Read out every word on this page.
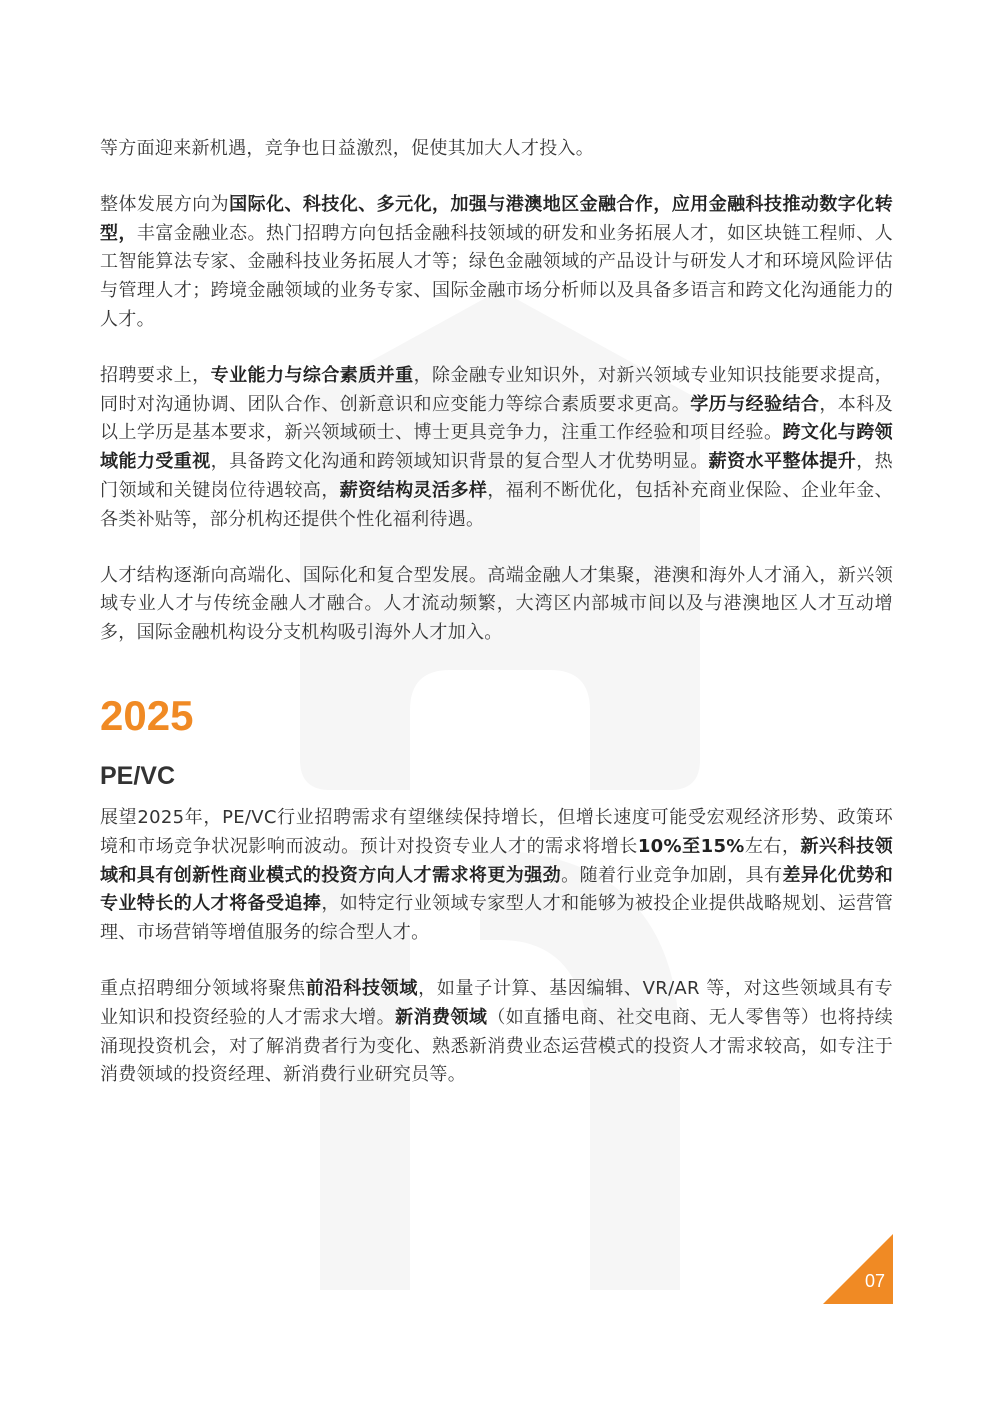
等方面迎来新机遇，竞争也日益激烈，促使其加大人才投入。

整体发展方向为国际化、科技化、多元化，加强与港澳地区金融合作，应用金融科技推动数字化转型，丰富金融业态。热门招聘方向包括金融科技领域的研发和业务拓展人才，如区块链工程师、人工智能算法专家、金融科技业务拓展人才等；绿色金融领域的产品设计与研发人才和环境风险评估与管理人才；跨境金融领域的业务专家、国际金融市场分析师以及具备多语言和跨文化沟通能力的人才。

招聘要求上，专业能力与综合素质并重，除金融专业知识外，对新兴领域专业知识技能要求提高，同时对沟通协调、团队合作、创新意识和应变能力等综合素质要求更高。学历与经验结合，本科及以上学历是基本要求，新兴领域硕士、博士更具竞争力，注重工作经验和项目经验。跨文化与跨领域能力受重视，具备跨文化沟通和跨领域知识背景的复合型人才优势明显。薪资水平整体提升，热门领域和关键岗位待遇较高，薪资结构灵活多样，福利不断优化，包括补充商业保险、企业年金、各类补贴等，部分机构还提供个性化福利待遇。

人才结构逐渐向高端化、国际化和复合型发展。高端金融人才集聚，港澳和海外人才涌入，新兴领域专业人才与传统金融人才融合。人才流动频繁，大湾区内部城市间以及与港澳地区人才互动增多，国际金融机构设分支机构吸引海外人才加入。

2025
PE/VC

展望2025年，PE/VC行业招聘需求有望继续保持增长，但增长速度可能受宏观经济形势、政策环境和市场竞争状况影响而波动。预计对投资专业人才的需求将增长10%至15%左右，新兴科技领域和具有创新性商业模式的投资方向人才需求将更为强劲。随着行业竞争加剧，具有差异化优势和专业特长的人才将备受追捧，如特定行业领域专家型人才和能够为被投企业提供战略规划、运营管理、市场营销等增值服务的综合型人才。

重点招聘细分领域将聚焦前沿科技领域，如量子计算、基因编辑、VR/AR 等，对这些领域具有专业知识和投资经验的人才需求大增。新消费领域（如直播电商、社交电商、无人零售等）也将持续涌现投资机会，对了解消费者行为变化、熟悉新消费业态运营模式的投资人才需求较高，如专注于消费领域的投资经理、新消费行业研究员等。

07
